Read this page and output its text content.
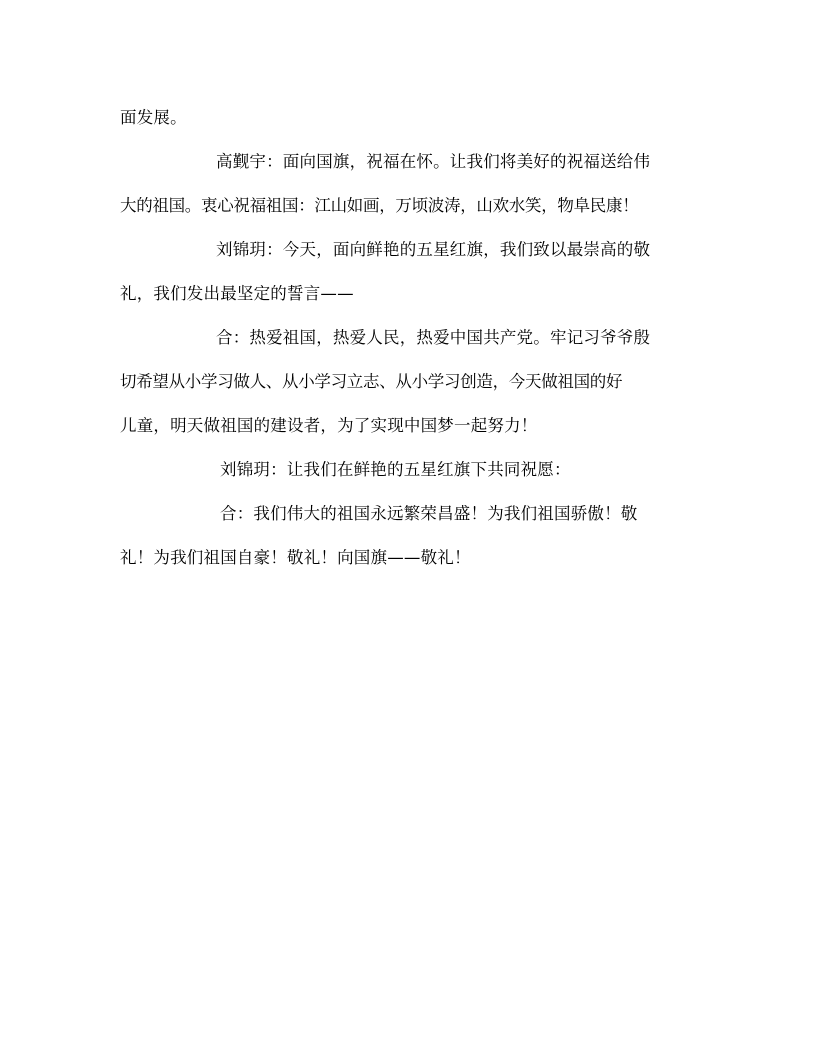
面发展。

高觐宇：面向国旗，祝福在怀。让我们将美好的祝福送给伟
大的祖国。衷心祝福祖国：江山如画，万顷波涛，山欢水笑，物阜民康！

刘锦玥：今天，面向鲜艳的五星红旗，我们致以最崇高的敬
礼，我们发出最坚定的誓言——

合：热爱祖国，热爱人民，热爱中国共产党。牢记习爷爷殷
切希望从小学习做人、从小学习立志、从小学习创造，今天做祖国的好
儿童，明天做祖国的建设者，为了实现中国梦一起努力！

刘锦玥：让我们在鲜艳的五星红旗下共同祝愿：

合：我们伟大的祖国永远繁荣昌盛！为我们祖国骄傲！敬
礼！为我们祖国自豪！敬礼！向国旗——敬礼！
